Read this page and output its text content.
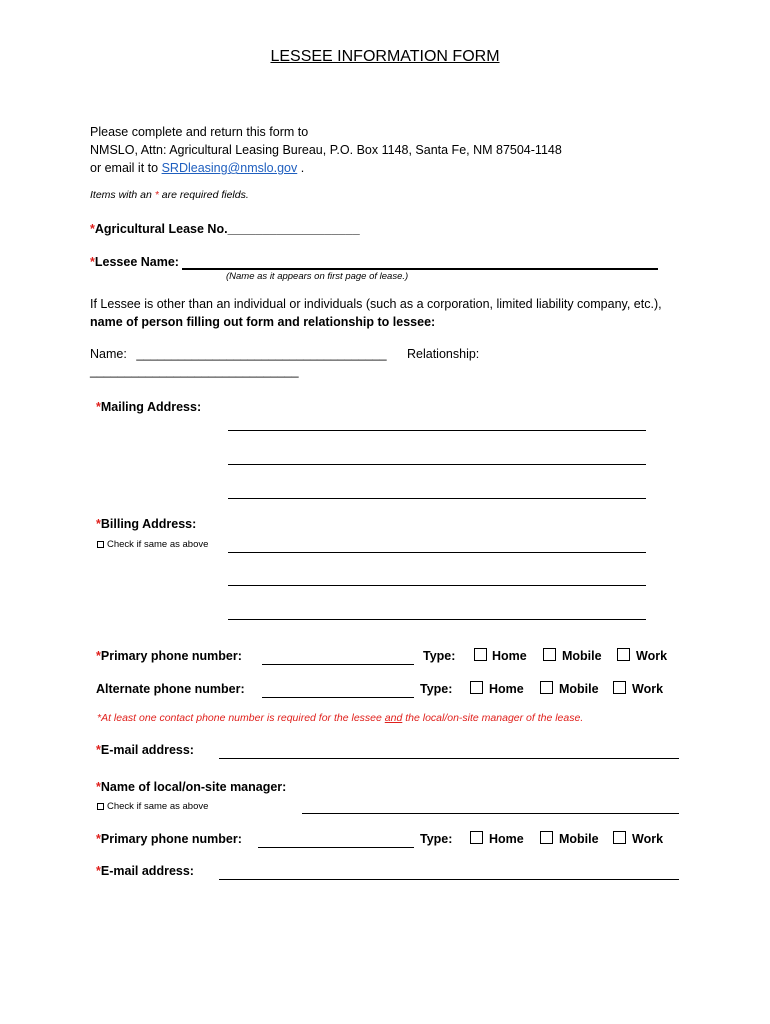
LESSEE INFORMATION FORM
Please complete and return this form to
NMSLO, Attn: Agricultural Leasing Bureau, P.O. Box 1148, Santa Fe, NM 87504-1148
or email it to SRDleasing@nmslo.gov .
Items with an * are required fields.
*Agricultural Lease No.___________________
*Lessee Name:
(Name as it appears on first page of lease.)
If Lessee is other than an individual or individuals (such as a corporation, limited liability company, etc.),
name of person filling out form and relationship to lessee:
Name: ____________________________________ Relationship:
______________________________
*Mailing Address:
*Billing Address:
Check if same as above
*Primary phone number:	Type:	Home	Mobile	Work
Alternate phone number:	Type:	Home	Mobile	Work
*At least one contact phone number is required for the lessee and the local/on-site manager of the lease.
*E-mail address:
*Name of local/on-site manager:
Check if same as above
*Primary phone number:	Type:	Home	Mobile	Work
*E-mail address:
